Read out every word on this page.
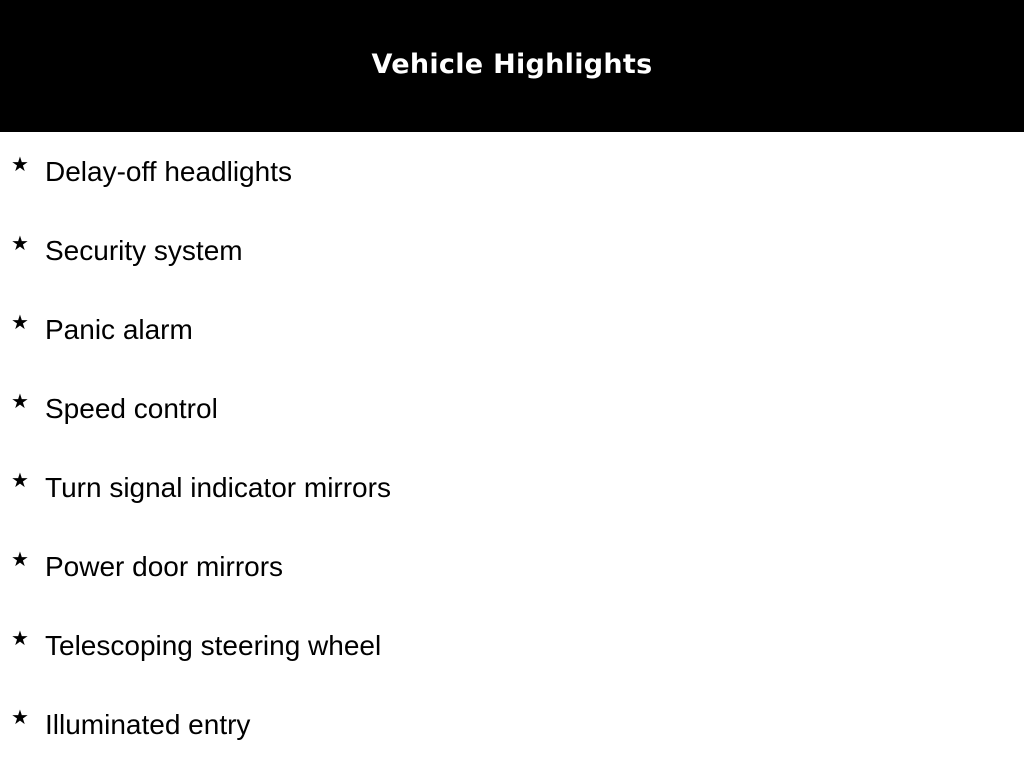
Vehicle Highlights
★ Delay-off headlights
★ Security system
★ Panic alarm
★ Speed control
★ Turn signal indicator mirrors
★ Power door mirrors
★ Telescoping steering wheel
★ Illuminated entry
